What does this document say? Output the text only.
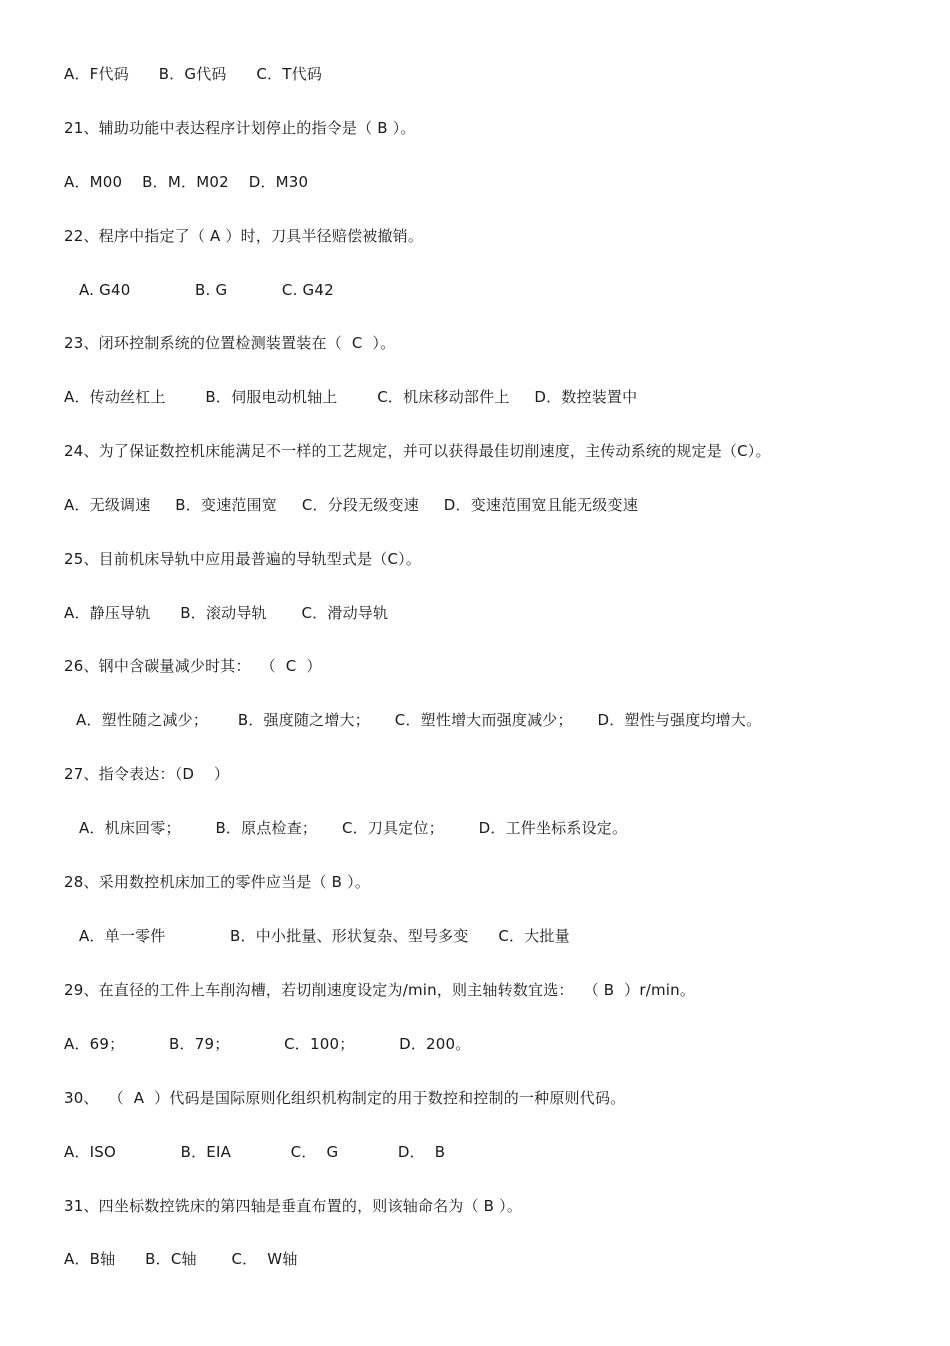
A．F代码      B．G代码      C．T代码
21、辅助功能中表达程序计划停止的指令是（ B ）。
A．M00    B．M．M02    D．M30
22、程序中指定了（ A ）时，刀具半径赔偿被撤销。
A. G40             B. G           C. G42
23、闭环控制系统的位置检测装置装在（  C  ）。
A．传动丝杠上        B．伺服电动机轴上        C．机床移动部件上     D．数控装置中
24、为了保证数控机床能满足不一样的工艺规定，并可以获得最佳切削速度，主传动系统的规定是（C）。
A．无级调速     B．变速范围宽     C．分段无级变速     D．变速范围宽且能无级变速
25、目前机床导轨中应用最普遍的导轨型式是（C）。
A．静压导轨      B．滚动导轨       C．滑动导轨
26、钢中含碳量减少时其：  （  C  ）
A．塑性随之减少；      B．强度随之增大；     C．塑性增大而强度减少；     D．塑性与强度均增大。
27、指令表达：（D    ）
A．机床回零；       B．原点检查；     C．刀具定位；       D．工件坐标系设定。
28、采用数控机床加工的零件应当是（ B ）。
A．单一零件             B．中小批量、形状复杂、型号多变      C．大批量
29、在直径的工件上车削沟槽，若切削速度设定为/min，则主轴转数宜选：  （ B  ）r/min。
A．69；         B．79；           C．100；         D．200。
30、  （  A  ）代码是国际原则化组织机构制定的用于数控和控制的一种原则代码。
A．ISO             B．EIA            C．  G            D．  B
31、四坐标数控铣床的第四轴是垂直布置的，则该轴命名为（ B ）。
A．B轴      B．C轴       C．  W轴
